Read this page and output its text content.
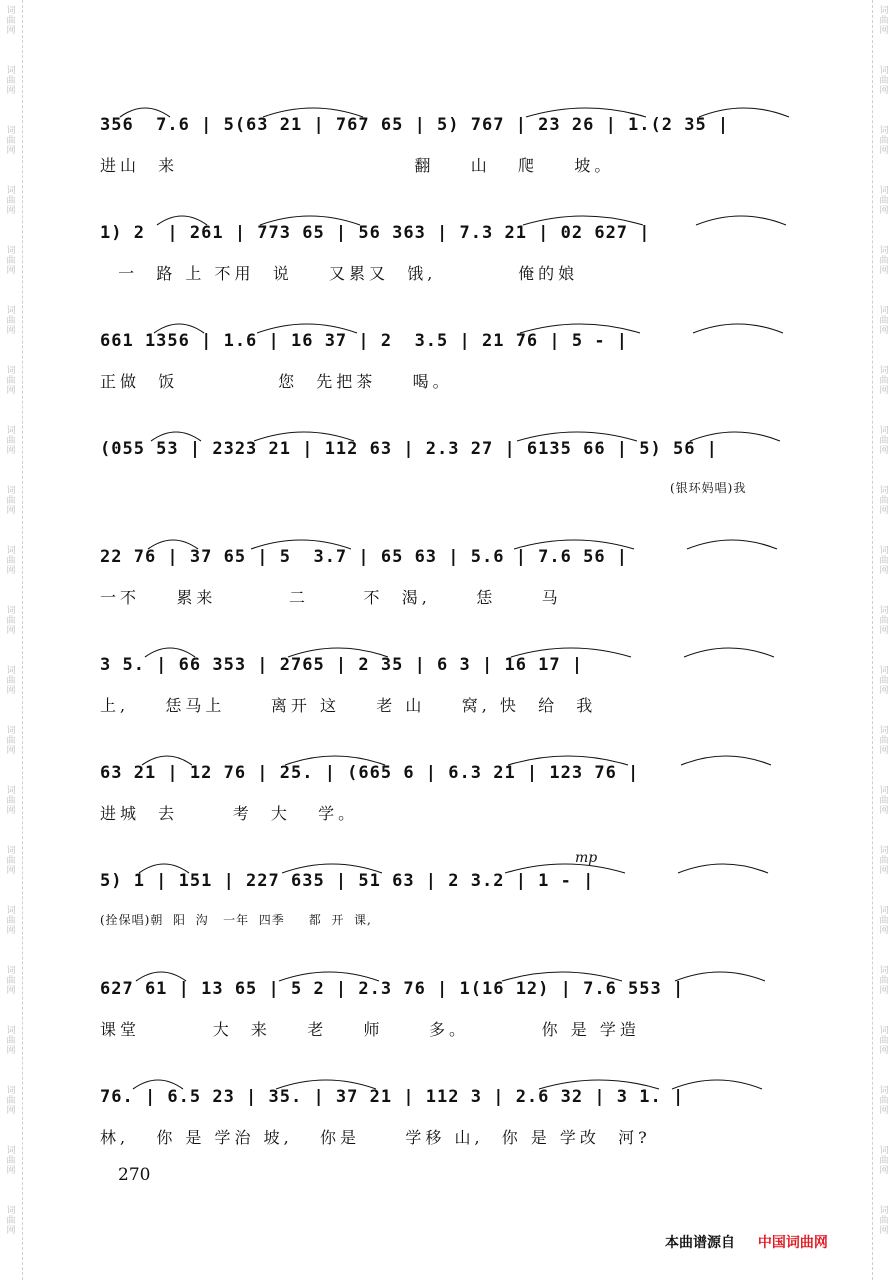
词曲网
词曲网
词曲网
词曲网
词曲网
词曲网
词曲网
词曲网
词曲网
词曲网
词曲网
词曲网
词曲网
词曲网
词曲网
词曲网
词曲网
词曲网
词曲网
词曲网
词曲网
词曲网
词曲网
词曲网
词曲网
词曲网
词曲网
词曲网
词曲网
词曲网
词曲网
词曲网
词曲网
词曲网
词曲网
词曲网
词曲网
词曲网
词曲网
词曲网
词曲网
词曲网
356  7.6 | 5(63 21 | 767 65 | 5) 767 | 23 26 | 1.(2 35 |
进山  来                          翻    山   爬    坡。
1) 2  | 261 | 773 65 | 56 363 | 7.3 21 | 02 627 |
一  路 上 不用  说    又累又  饿,         俺的娘
661 1356 | 1.6 | 16 37 | 2  3.5 | 21 76 | 5 - |
正做  饭           您  先把茶    喝。
(055 53 | 2323 21 | 112 63 | 2.3 27 | 6135 66 | 5) 56 |
(银环妈唱)我
22 76 | 37 65 | 5  3.7 | 65 63 | 5.6 | 7.6 56 |
一不    累来        二      不  渴,     恁     马
3 5. | 66 353 | 2765 | 2 35 | 6 3 | 16 17 |
上,    恁马上     离开 这    老 山    窝, 快  给  我
63 21 | 12 76 | 25. | (665 6 | 6.3 21 | 123 76 |
进城  去      考  大   学。
5) 1 | 151 | 227 635 | 51 63 | 2 3.2 | 1 - |
(拴保唱)朝  阳  沟   一年  四季     都  开  课,
627 61 | 13 65 | 5 2 | 2.3 76 | 1(16 12) | 7.6 553 |
课堂        大  来    老    师     多。        你 是 学造
76. | 6.5 23 | 35. | 37 21 | 112 3 | 2.6 32 | 3 1. |
林,   你 是 学治 坡,   你是     学移 山,  你 是 学改  河?
mp
270
本曲谱源自 中国词曲网
